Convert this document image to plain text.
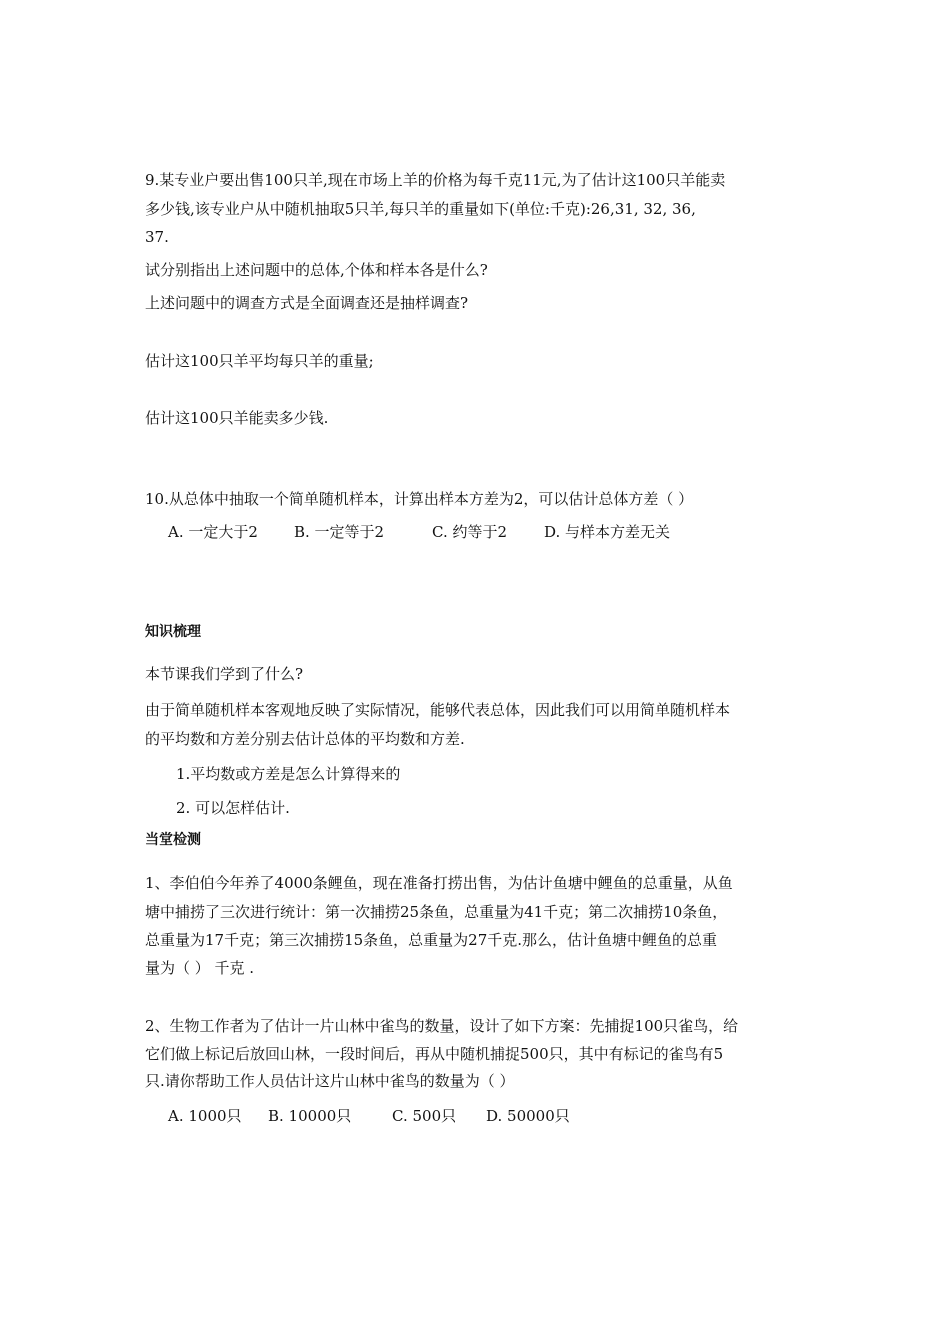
9.某专业户要出售100只羊,现在市场上羊的价格为每千克11元,为了估计这100只羊能卖
多少钱,该专业户从中随机抽取5只羊,每只羊的重量如下(单位:千克):26,31, 32, 36,
37.
试分别指出上述问题中的总体,个体和样本各是什么?
上述问题中的调查方式是全面调查还是抽样调查?
估计这100只羊平均每只羊的重量;
估计这100只羊能卖多少钱.
10.从总体中抽取一个简单随机样本，计算出样本方差为2，可以估计总体方差（ ）
A. 一定大于2 B. 一定等于2	C. 约等于2 D. 与样本方差无关
知识梳理
本节课我们学到了什么?
由于简单随机样本客观地反映了实际情况，能够代表总体，因此我们可以用简单随机样本
的平均数和方差分别去估计总体的平均数和方差.
1.平均数或方差是怎么计算得来的
2. 可以怎样估计.
当堂检测
1、李伯伯今年养了4000条鲤鱼，现在准备打捞出售，为估计鱼塘中鲤鱼的总重量，从鱼
塘中捕捞了三次进行统计：第一次捕捞25条鱼，总重量为41千克；第二次捕捞10条鱼，
总重量为17千克；第三次捕捞15条鱼，总重量为27千克.那么，估计鱼塘中鲤鱼的总重
量为（ ） 千克 .
2、生物工作者为了估计一片山林中雀鸟的数量，设计了如下方案：先捕捉100只雀鸟，给
它们做上标记后放回山林，一段时间后，再从中随机捕捉500只，其中有标记的雀鸟有5
只.请你帮助工作人员估计这片山林中雀鸟的数量为（ ）
A. 1000只 B. 10000只	C. 500只 D. 50000只
